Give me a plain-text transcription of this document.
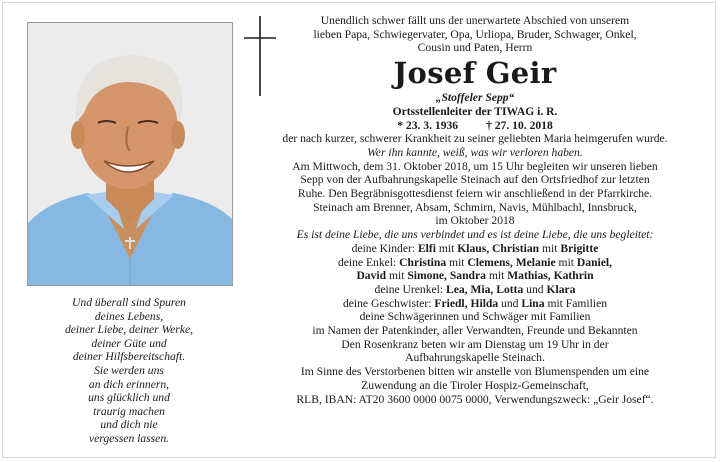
Und überall sind Spuren
deines Lebens,
deiner Liebe, deiner Werke,
deiner Güte und
deiner Hilfsbereitschaft.
Sie werden uns
an dich erinnern,
uns glücklich und
traurig machen
und dich nie
vergessen lassen.
Unendlich schwer fällt uns der unerwartete Abschied von unserem
lieben Papa, Schwiegervater, Opa, Urliopa, Bruder, Schwager, Onkel,
Cousin und Paten, Herrn
Josef Geir
„Stoffeler Sepp“
Ortsstellenleiter der TIWAG i. R.
* 23. 3. 1936 † 27. 10. 2018
der nach kurzer, schwerer Krankheit zu seiner geliebten Maria heimgerufen wurde.
Wer ihn kannte, weiß, was wir verloren haben.
Am Mittwoch, dem 31. Oktober 2018, um 15 Uhr begleiten wir unseren lieben
Sepp von der Aufbahrungskapelle Steinach auf den Ortsfriedhof zur letzten
Ruhe. Den Begräbnisgottesdienst feiern wir anschließend in der Pfarrkirche.
Steinach am Brenner, Absam, Schmirn, Navis, Mühlbachl, Innsbruck,
im Oktober 2018
Es ist deine Liebe, die uns verbindet und es ist deine Liebe, die uns begleitet:
deine Kinder: Elfi mit Klaus, Christian mit Brigitte
deine Enkel: Christina mit Clemens, Melanie mit Daniel,
David mit Simone, Sandra mit Mathias, Kathrin
deine Urenkel: Lea, Mia, Lotta und Klara
deine Geschwister: Friedl, Hilda und Lina mit Familien
deine Schwägerinnen und Schwäger mit Familien
im Namen der Patenkinder, aller Verwandten, Freunde und Bekannten
Den Rosenkranz beten wir am Dienstag um 19 Uhr in der
Aufbahrungskapelle Steinach.
Im Sinne des Verstorbenen bitten wir anstelle von Blumenspenden um eine
Zuwendung an die Tiroler Hospiz-Gemeinschaft,
RLB, IBAN: AT20 3600 0000 0075 0000, Verwendungszweck: „Geir Josef“.
